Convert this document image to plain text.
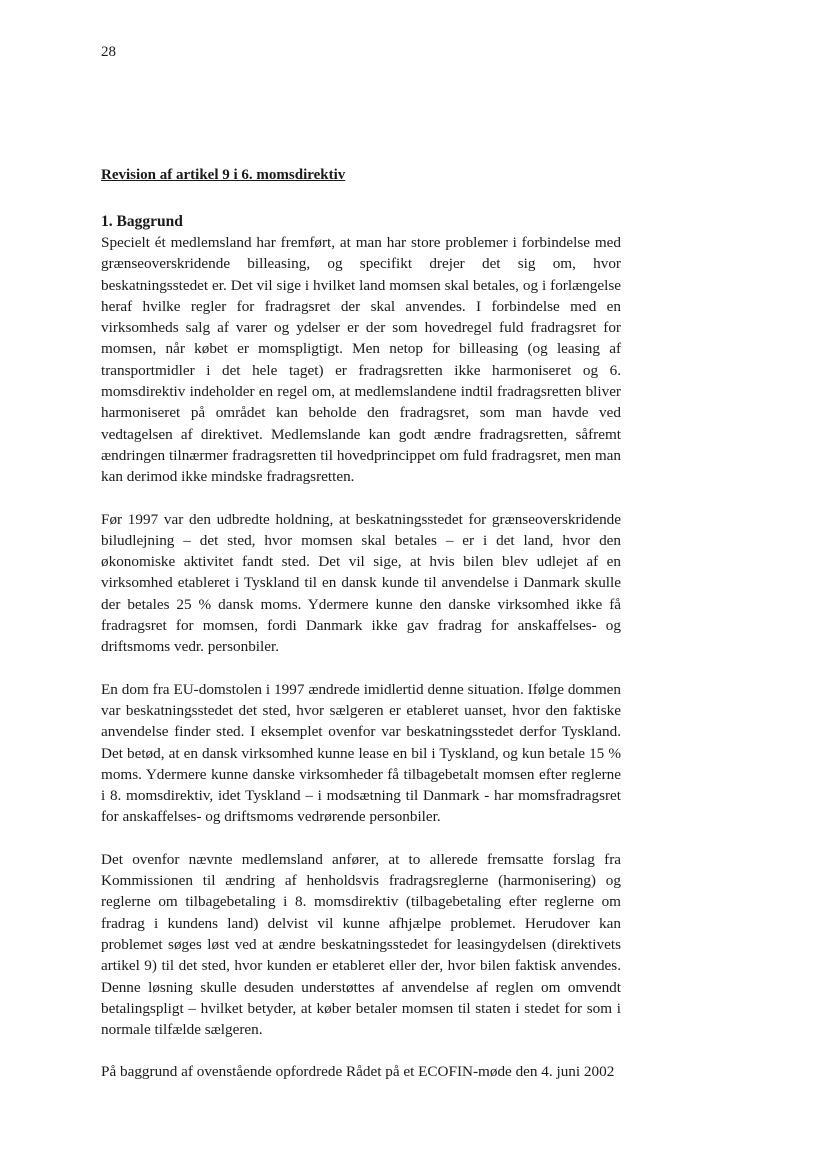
28
Revision af artikel 9 i 6. momsdirektiv
1. Baggrund

Specielt ét medlemsland har fremført, at man har store problemer i forbindelse med grænseoverskridende billeasing, og specifikt drejer det sig om, hvor beskatningsstedet er. Det vil sige i hvilket land momsen skal betales, og i forlængelse heraf hvilke regler for fradragsret der skal anvendes. I forbindelse med en virksomheds salg af varer og ydelser er der som hovedregel fuld fradragsret for momsen, når købet er momspligtigt. Men netop for billeasing (og leasing af transportmidler i det hele taget) er fradragsretten ikke harmoniseret og 6. momsdirektiv indeholder en regel om, at medlemslandene indtil fradragsretten bliver harmoniseret på området kan beholde den fradragsret, som man havde ved vedtagelsen af direktivet. Medlemslande kan godt ændre fradragsretten, såfremt ændringen tilnærmer fradragsretten til hovedprincippet om fuld fradragsret, men man kan derimod ikke mindske fradragsretten.

Før 1997 var den udbredte holdning, at beskatningsstedet for grænseoverskridende biludlejning – det sted, hvor momsen skal betales – er i det land, hvor den økonomiske aktivitet fandt sted. Det vil sige, at hvis bilen blev udlejet af en virksomhed etableret i Tyskland til en dansk kunde til anvendelse i Danmark skulle der betales 25 % dansk moms. Ydermere kunne den danske virksomhed ikke få fradragsret for momsen, fordi Danmark ikke gav fradrag for anskaffelses- og driftsmoms vedr. personbiler.

En dom fra EU-domstolen i 1997 ændrede imidlertid denne situation. Ifølge dommen var beskatningsstedet det sted, hvor sælgeren er etableret uanset, hvor den faktiske anvendelse finder sted. I eksemplet ovenfor var beskatningsstedet derfor Tyskland. Det betød, at en dansk virksomhed kunne lease en bil i Tyskland, og kun betale 15 % moms. Ydermere kunne danske virksomheder få tilbagebetalt momsen efter reglerne i 8. momsdirektiv, idet Tyskland – i modsætning til Danmark - har momsfradragsret for anskaffelses- og driftsmoms vedrørende personbiler.

Det ovenfor nævnte medlemsland anfører, at to allerede fremsatte forslag fra Kommissionen til ændring af henholdsvis fradragsreglerne (harmonisering) og reglerne om tilbagebetaling i 8. momsdirektiv (tilbagebetaling efter reglerne om fradrag i kundens land) delvist vil kunne afhjælpe problemet. Herudover kan problemet søges løst ved at ændre beskatningsstedet for leasingydelsen (direktivets artikel 9) til det sted, hvor kunden er etableret eller der, hvor bilen faktisk anvendes. Denne løsning skulle desuden understøttes af anvendelse af reglen om omvendt betalingspligt – hvilket betyder, at køber betaler momsen til staten i stedet for som i normale tilfælde sælgeren.

På baggrund af ovenstående opfordrede Rådet på et ECOFIN-møde den 4. juni 2002
